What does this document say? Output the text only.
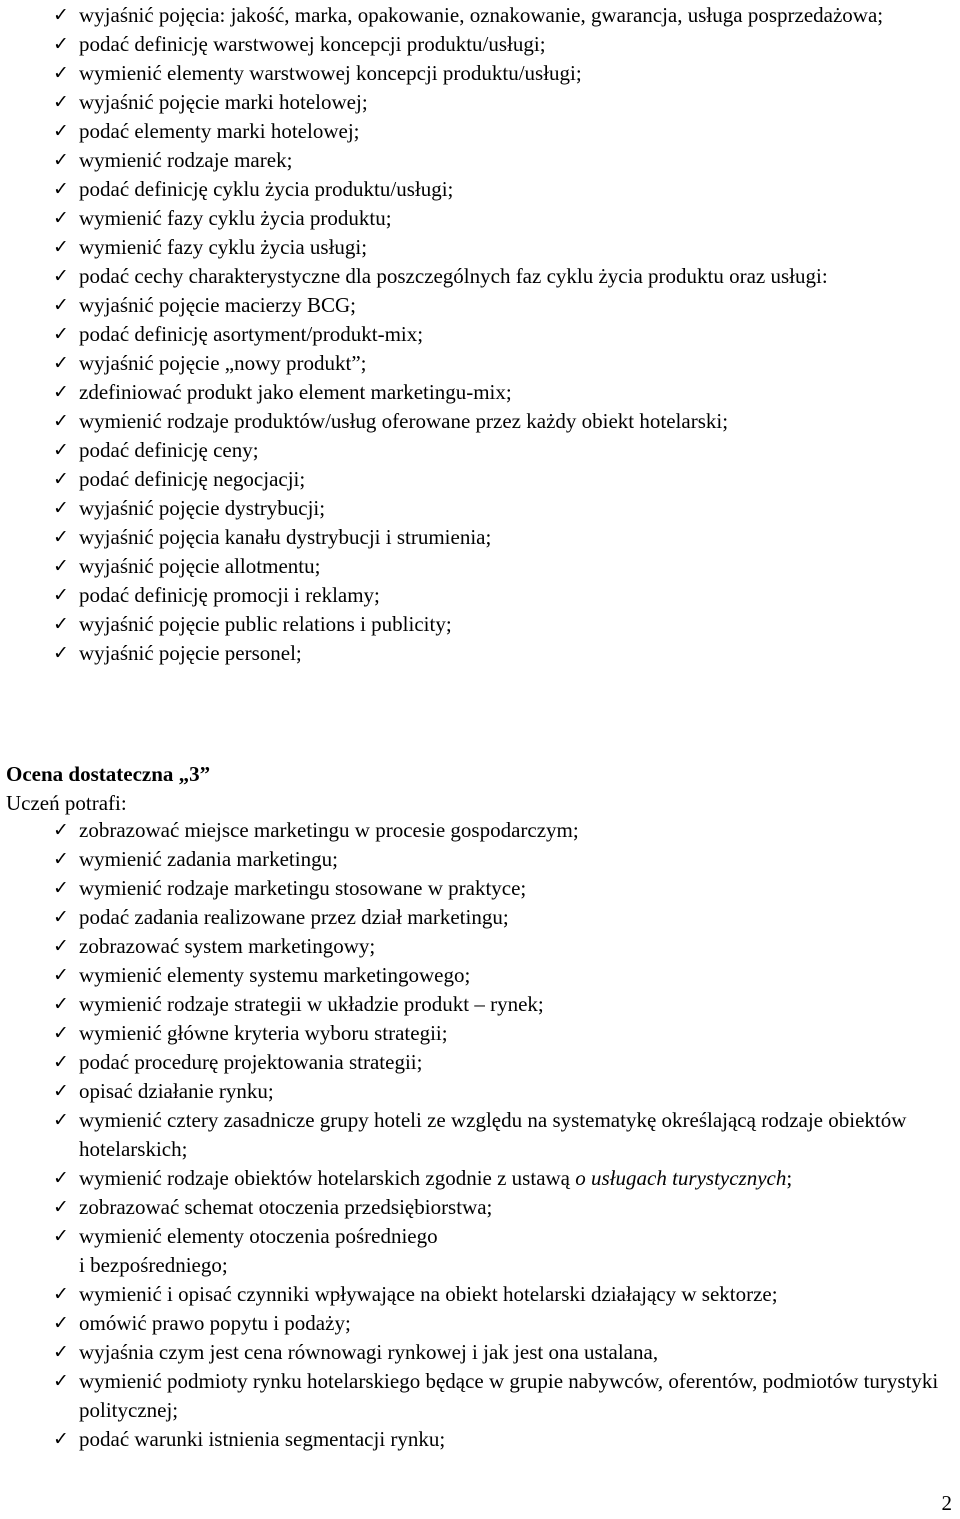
✓ wyjaśnić pojęcia: jakość, marka, opakowanie, oznakowanie, gwarancja, usługa posprzedażowa;
✓ podać definicję warstwowej koncepcji produktu/usługi;
✓ wymienić elementy warstwowej koncepcji produktu/usługi;
✓ wyjaśnić pojęcie marki hotelowej;
✓ podać elementy marki hotelowej;
✓ wymienić rodzaje marek;
✓ podać definicję cyklu życia produktu/usługi;
✓ wymienić fazy cyklu życia produktu;
✓ wymienić fazy cyklu życia usługi;
✓ podać cechy charakterystyczne dla poszczególnych faz cyklu życia produktu oraz usługi:
✓ wyjaśnić pojęcie macierzy BCG;
✓ podać definicję asortyment/produkt-mix;
✓ wyjaśnić pojęcie „nowy produkt”;
✓ zdefiniować produkt jako element marketingu-mix;
✓ wymienić rodzaje produktów/usług oferowane przez każdy obiekt hotelarski;
✓ podać definicję ceny;
✓ podać definicję negocjacji;
✓ wyjaśnić pojęcie dystrybucji;
✓ wyjaśnić pojęcia kanału dystrybucji i strumienia;
✓ wyjaśnić pojęcie allotmentu;
✓ podać definicję promocji i reklamy;
✓ wyjaśnić pojęcie public relations i publicity;
✓ wyjaśnić pojęcie personel;
Ocena dostateczna „3”
Uczeń potrafi:
✓ zobrazować miejsce marketingu w procesie gospodarczym;
✓ wymienić zadania marketingu;
✓ wymienić rodzaje marketingu stosowane w praktyce;
✓ podać zadania realizowane przez dział marketingu;
✓ zobrazować system marketingowy;
✓ wymienić elementy systemu marketingowego;
✓ wymienić rodzaje strategii w układzie produkt – rynek;
✓ wymienić główne kryteria wyboru strategii;
✓ podać procedurę projektowania strategii;
✓ opisać działanie rynku;
✓ wymienić cztery zasadnicze grupy hoteli ze względu na systematykę określającą rodzaje obiektów hotelarskich;
✓ wymienić rodzaje obiektów hotelarskich zgodnie z ustawą o usługach turystycznych;
✓ zobrazować schemat otoczenia przedsiębiorstwa;
✓ wymienić elementy otoczenia pośredniego
i bezpośredniego;
✓ wymienić i opisać czynniki wpływające na obiekt hotelarski działający w sektorze;
✓ omówić prawo popytu i podaży;
✓ wyjaśnia czym jest cena równowagi rynkowej i jak jest ona ustalana,
✓ wymienić podmioty rynku hotelarskiego będące w grupie nabywców, oferentów, podmiotów turystyki politycznej;
✓ podać warunki istnienia segmentacji rynku;
2
